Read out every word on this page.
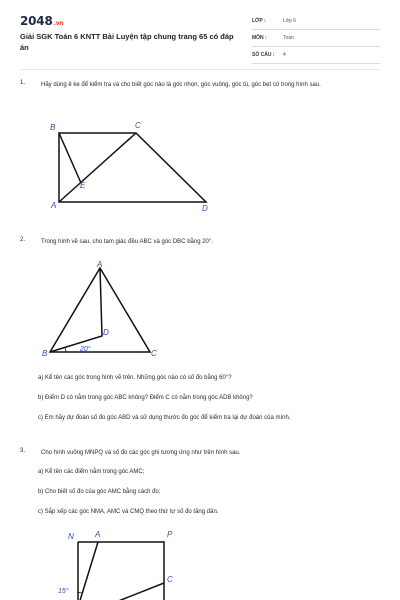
2048.vn
Giải SGK Toán 6 KNTT Bài Luyện tập chung trang 65 có đáp án
LỚP :	Lớp 6
MÔN :	Toán
SỐ CÂU : 4
1.	Hãy dùng ê ke để kiểm tra và cho biết góc nào là góc nhọn, góc vuông, góc tù, góc bẹt có trong hình sau.
B	C
E
A	D
2.	Trong hình vẽ sau, cho tam giác đều ABC và góc DBC bằng 20°.
A
D
B	C
20°
a) Kể tên các góc trong hình vẽ trên. Những góc nào có số đo bằng 60°?
b) Điểm D có nằm trong góc ABC không? Điểm C có nằm trong góc ADB không?
c) Em hãy dự đoán số đo góc ABD và sử dụng thước đo góc để kiểm tra lại dự đoán của mình.
3.	Cho hình vuông MNPQ và số đo các góc ghi tương ứng như trên hình sau.
a) Kể tên các điểm nằm trong góc AMC;
b) Cho biết số đo của góc AMC bằng cách đo;
c) Sắp xếp các góc NMA, AMC và CMQ theo thứ tự số đo tăng dần.
N	A	P
C
15°
